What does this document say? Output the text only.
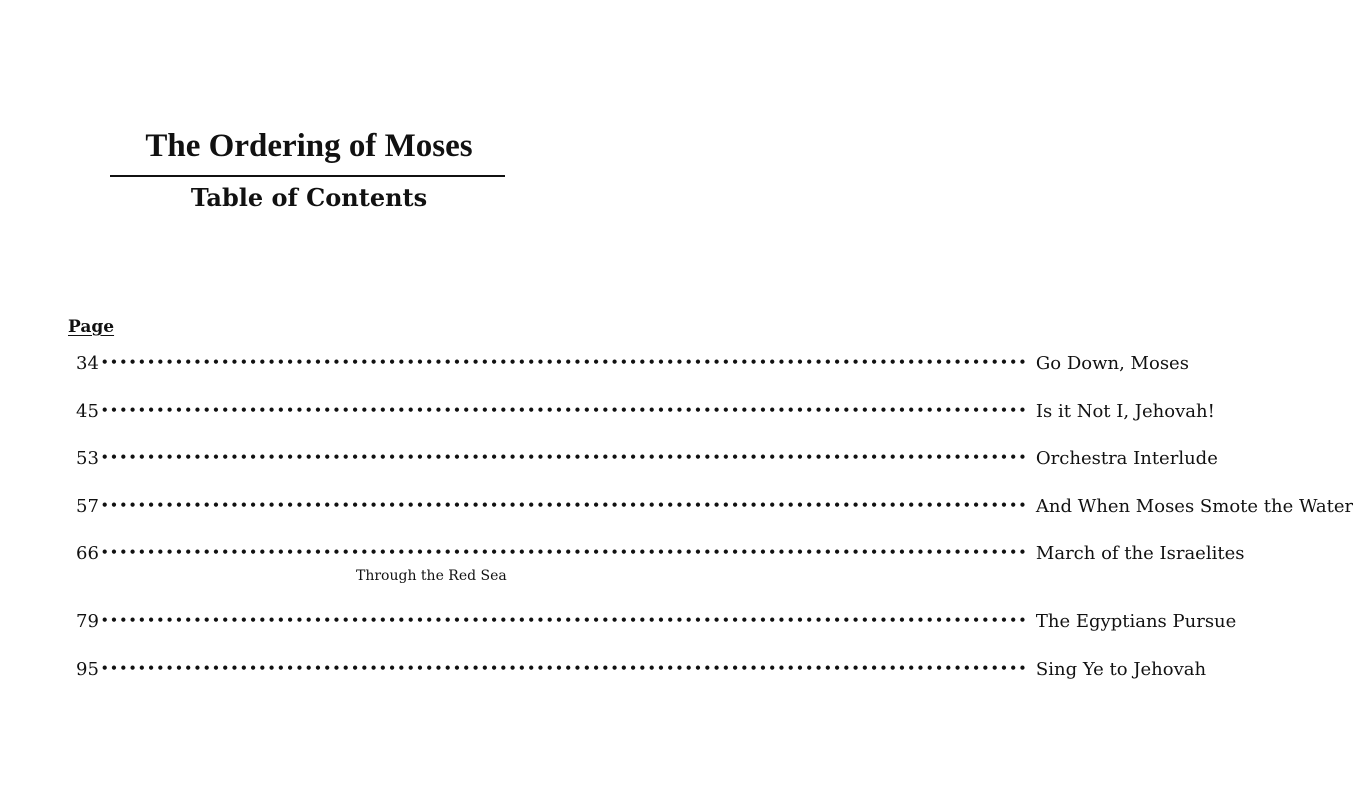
The Ordering of Moses
Table of Contents
Page
34 •••••••••••••••••••••••••••••••••••••••••••••••••••••••••••••••••••••••••••••••••••••••••••••••••••• Go Down, Moses
45 •••••••••••••••••••••••••••••••••••••••••••••••••••••••••••••••••••••••••••••••••••••••••••••••••••• Is it Not I, Jehovah!
53 •••••••••••••••••••••••••••••••••••••••••••••••••••••••••••••••••••••••••••••••••••••••••••••••••••• Orchestra Interlude
57 •••••••••••••••••••••••••••••••••••••••••••••••••••••••••••••••••••••••••••••••••••••••••••••••••••• And When Moses Smote the Water
66 •••••••••••••••••••••••••••••••••••••••••••••••••••••••••••••••••••••••••••••••••••••••••••••••••••• March of the Israelites
Through the Red Sea
79 •••••••••••••••••••••••••••••••••••••••••••••••••••••••••••••••••••••••••••••••••••••••••••••••••••• The Egyptians Pursue
95 •••••••••••••••••••••••••••••••••••••••••••••••••••••••••••••••••••••••••••••••••••••••••••••••••••• Sing Ye to Jehovah
